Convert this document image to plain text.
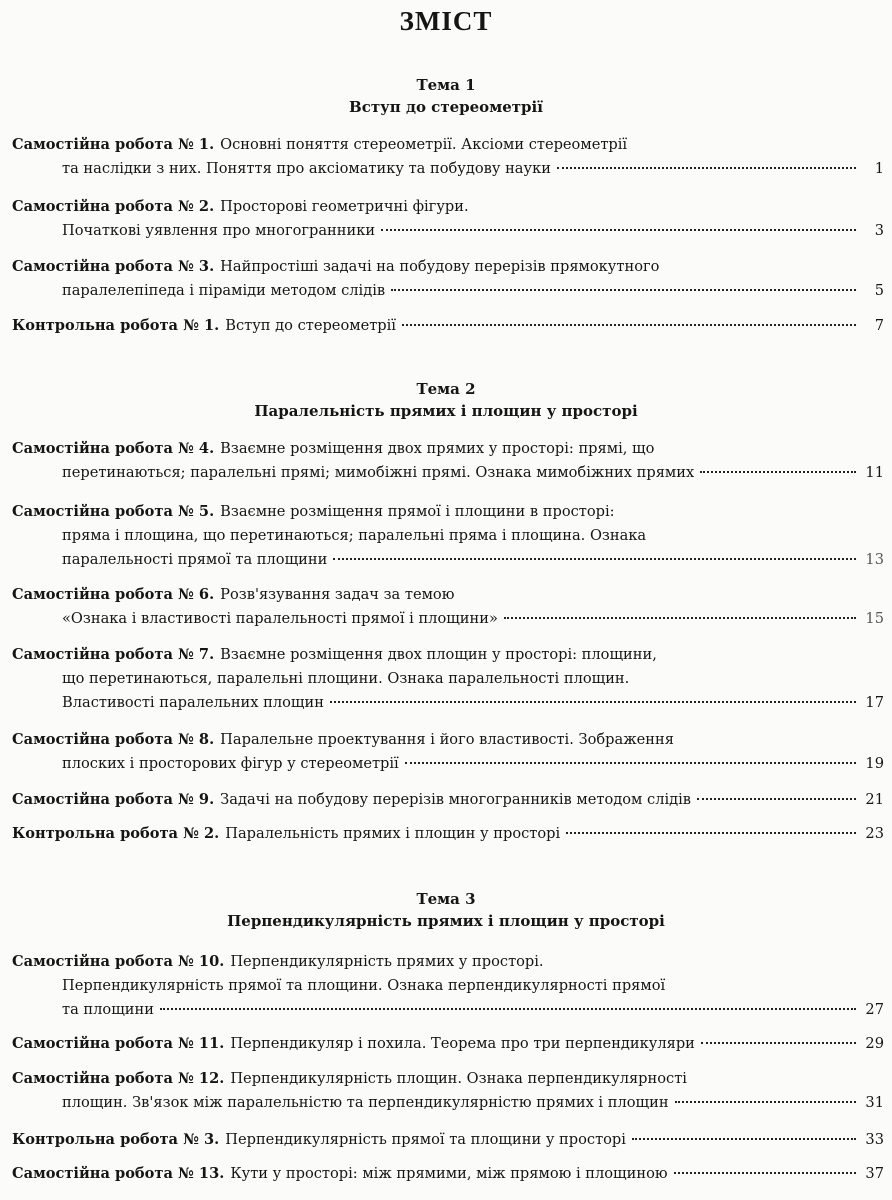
ЗМІСТ
Тема 1
Вступ до стереометрії
Самостійна робота № 1. Основні поняття стереометрії. Аксіоми стереометрії
та наслідки з них. Поняття про аксіоматику та побудову науки	1
Самостійна робота № 2. Просторові геометричні фігури.
Початкові уявлення про многогранники	3
Самостійна робота № 3. Найпростіші задачі на побудову перерізів прямокутного
паралелепіпеда і піраміди методом слідів	5
Контрольна робота № 1. Вступ до стереометрії	7
Тема 2
Паралельність прямих і площин у просторі
Самостійна робота № 4. Взаємне розміщення двох прямих у просторі: прямі, що
перетинаються; паралельні прямі; мимобіжні прямі. Ознака мимобіжних прямих	11
Самостійна робота № 5. Взаємне розміщення прямої і площини в просторі:
пряма і площина, що перетинаються; паралельні пряма і площина. Ознака
паралельності прямої та площини	13
Самостійна робота № 6. Розв'язування задач за темою
«Ознака і властивості паралельності прямої і площини»	15
Самостійна робота № 7. Взаємне розміщення двох площин у просторі: площини,
що перетинаються, паралельні площини. Ознака паралельності площин.
Властивості паралельних площин	17
Самостійна робота № 8. Паралельне проектування і його властивості. Зображення
плоских і просторових фігур у стереометрії	19
Самостійна робота № 9. Задачі на побудову перерізів многогранників методом слідів	21
Контрольна робота № 2. Паралельність прямих і площин у просторі	23
Тема 3
Перпендикулярність прямих і площин у просторі
Самостійна робота № 10. Перпендикулярність прямих у просторі.
Перпендикулярність прямої та площини. Ознака перпендикулярності прямої
та площини	27
Самостійна робота № 11. Перпендикуляр і похила. Теорема про три перпендикуляри	29
Самостійна робота № 12. Перпендикулярність площин. Ознака перпендикулярності
площин. Зв'язок між паралельністю та перпендикулярністю прямих і площин	31
Контрольна робота № 3. Перпендикулярність прямої та площини у просторі	33
Самостійна робота № 13. Кути у просторі: між прямими, між прямою і площиною	37
